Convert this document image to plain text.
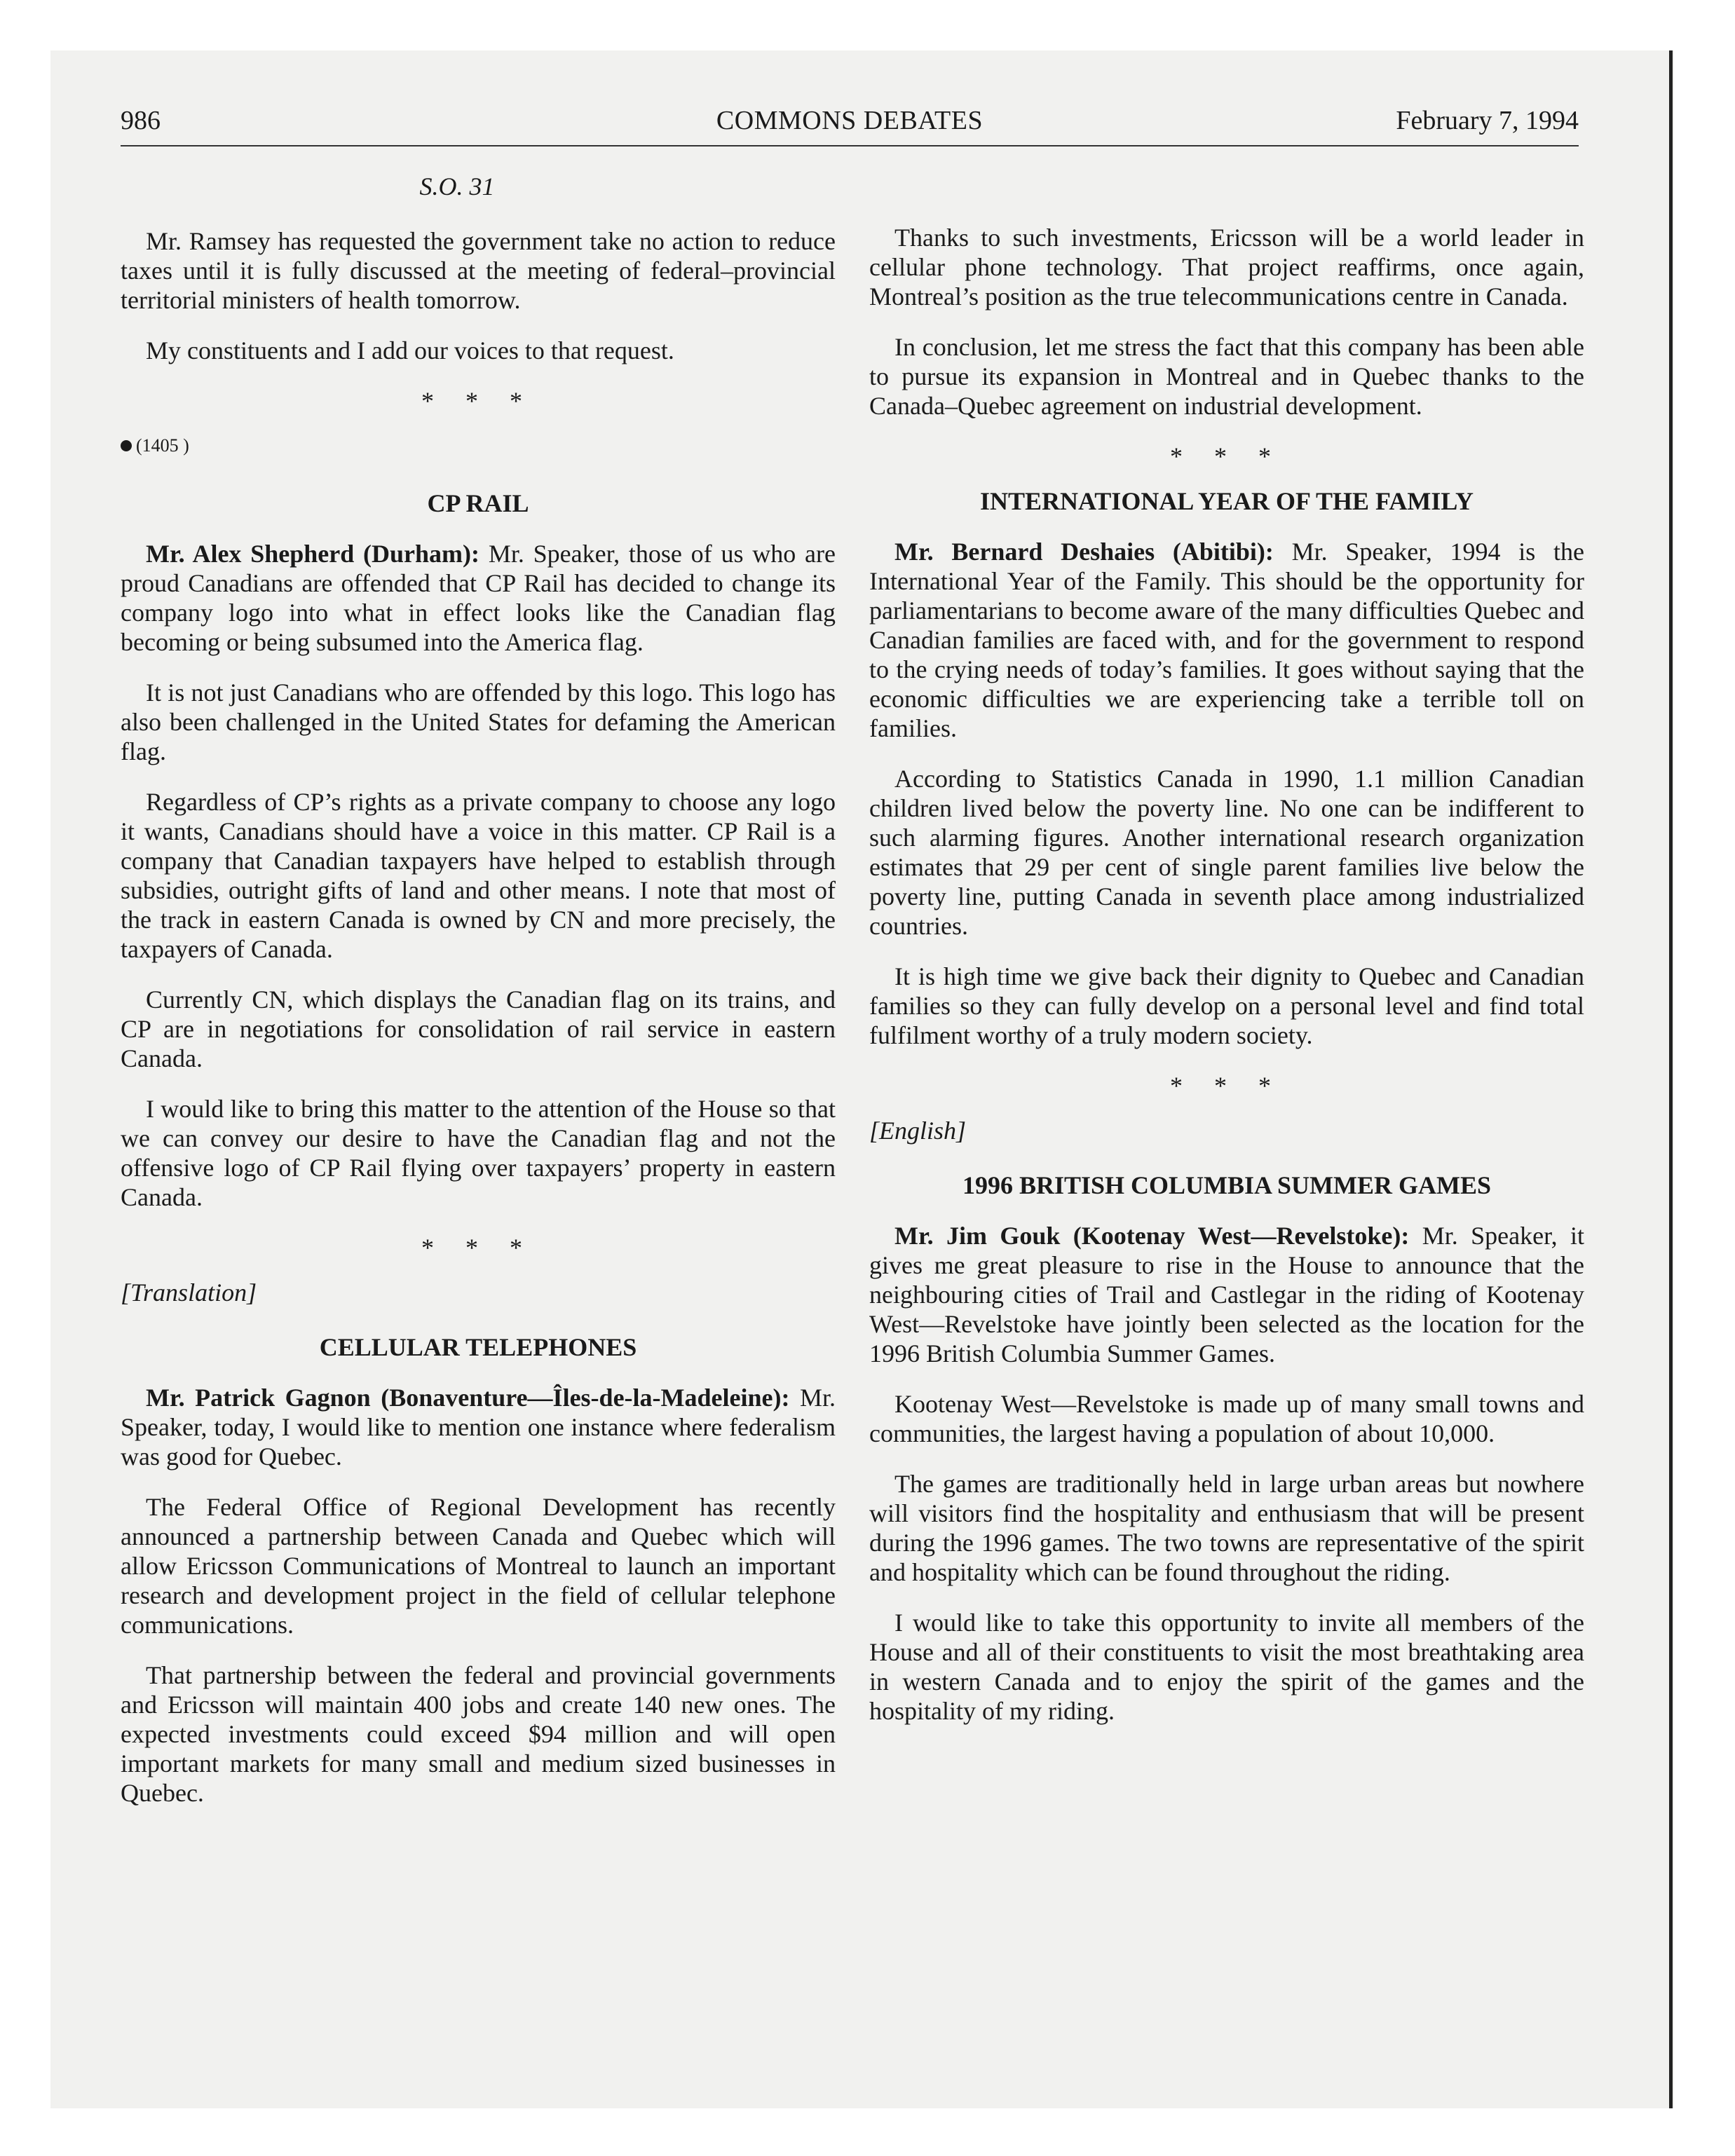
COMMONS DEBATES
986	February 7, 1994
S.O. 31

Mr. Ramsey has requested the government take no action to reduce taxes until it is fully discussed at the meeting of federal–provincial territorial ministers of health tomorrow.

My constituents and I add our voices to that request.

* * *
(1405 )
CP RAIL

Mr. Alex Shepherd (Durham): Mr. Speaker, those of us who are proud Canadians are offended that CP Rail has decided to change its company logo into what in effect looks like the Canadian flag becoming or being subsumed into the America flag.

It is not just Canadians who are offended by this logo. This logo has also been challenged in the United States for defaming the American flag.

Regardless of CP’s rights as a private company to choose any logo it wants, Canadians should have a voice in this matter. CP Rail is a company that Canadian taxpayers have helped to establish through subsidies, outright gifts of land and other means. I note that most of the track in eastern Canada is owned by CN and more precisely, the taxpayers of Canada.

Currently CN, which displays the Canadian flag on its trains, and CP are in negotiations for consolidation of rail service in eastern Canada.

I would like to bring this matter to the attention of the House so that we can convey our desire to have the Canadian flag and not the offensive logo of CP Rail flying over taxpayers’ property in eastern Canada.

* * *
[Translation]
CELLULAR TELEPHONES

Mr. Patrick Gagnon (Bonaventure—Îles-de-la-Madeleine): Mr. Speaker, today, I would like to mention one instance where federalism was good for Quebec.

The Federal Office of Regional Development has recently announced a partnership between Canada and Quebec which will allow Ericsson Communications of Montreal to launch an important research and development project in the field of cellular telephone communications.

That partnership between the federal and provincial governments and Ericsson will maintain 400 jobs and create 140 new ones. The expected investments could exceed $94 million and will open important markets for many small and medium sized businesses in Quebec.

Thanks to such investments, Ericsson will be a world leader in cellular phone technology. That project reaffirms, once again, Montreal’s position as the true telecommunications centre in Canada.

In conclusion, let me stress the fact that this company has been able to pursue its expansion in Montreal and in Quebec thanks to the Canada–Quebec agreement on industrial development.

* * *
INTERNATIONAL YEAR OF THE FAMILY

Mr. Bernard Deshaies (Abitibi): Mr. Speaker, 1994 is the International Year of the Family. This should be the opportunity for parliamentarians to become aware of the many difficulties Quebec and Canadian families are faced with, and for the government to respond to the crying needs of today’s families. It goes without saying that the economic difficulties we are experiencing take a terrible toll on families.

According to Statistics Canada in 1990, 1.1 million Canadian children lived below the poverty line. No one can be indifferent to such alarming figures. Another international research organization estimates that 29 per cent of single parent families live below the poverty line, putting Canada in seventh place among industrialized countries.

It is high time we give back their dignity to Quebec and Canadian families so they can fully develop on a personal level and find total fulfilment worthy of a truly modern society.

* * *
[English]
1996 BRITISH COLUMBIA SUMMER GAMES

Mr. Jim Gouk (Kootenay West—Revelstoke): Mr. Speaker, it gives me great pleasure to rise in the House to announce that the neighbouring cities of Trail and Castlegar in the riding of Kootenay West—Revelstoke have jointly been selected as the location for the 1996 British Columbia Summer Games.

Kootenay West—Revelstoke is made up of many small towns and communities, the largest having a population of about 10,000.

The games are traditionally held in large urban areas but nowhere will visitors find the hospitality and enthusiasm that will be present during the 1996 games. The two towns are representative of the spirit and hospitality which can be found throughout the riding.

I would like to take this opportunity to invite all members of the House and all of their constituents to visit the most breathtaking area in western Canada and to enjoy the spirit of the games and the hospitality of my riding.
